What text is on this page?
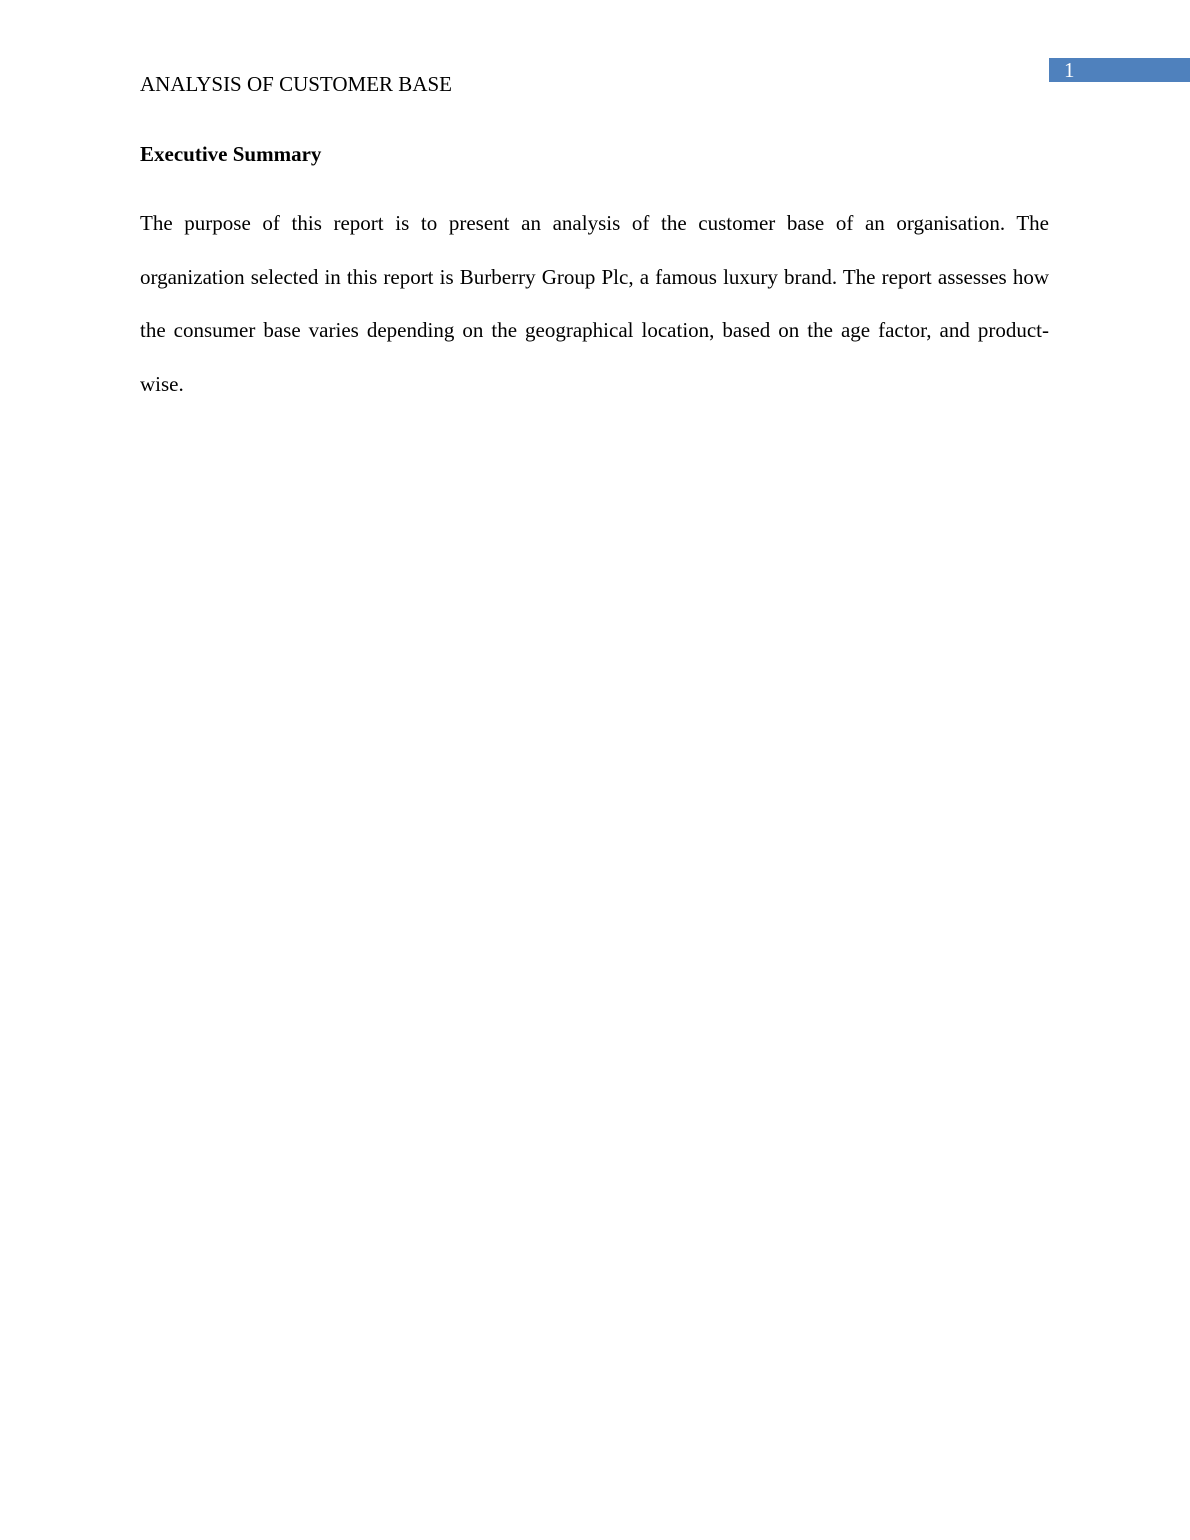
1
ANALYSIS OF CUSTOMER BASE
Executive Summary

The purpose of this report is to present an analysis of the customer base of an organisation. The organization selected in this report is Burberry Group Plc, a famous luxury brand. The report assesses how the consumer base varies depending on the geographical location, based on the age factor, and product-wise.
